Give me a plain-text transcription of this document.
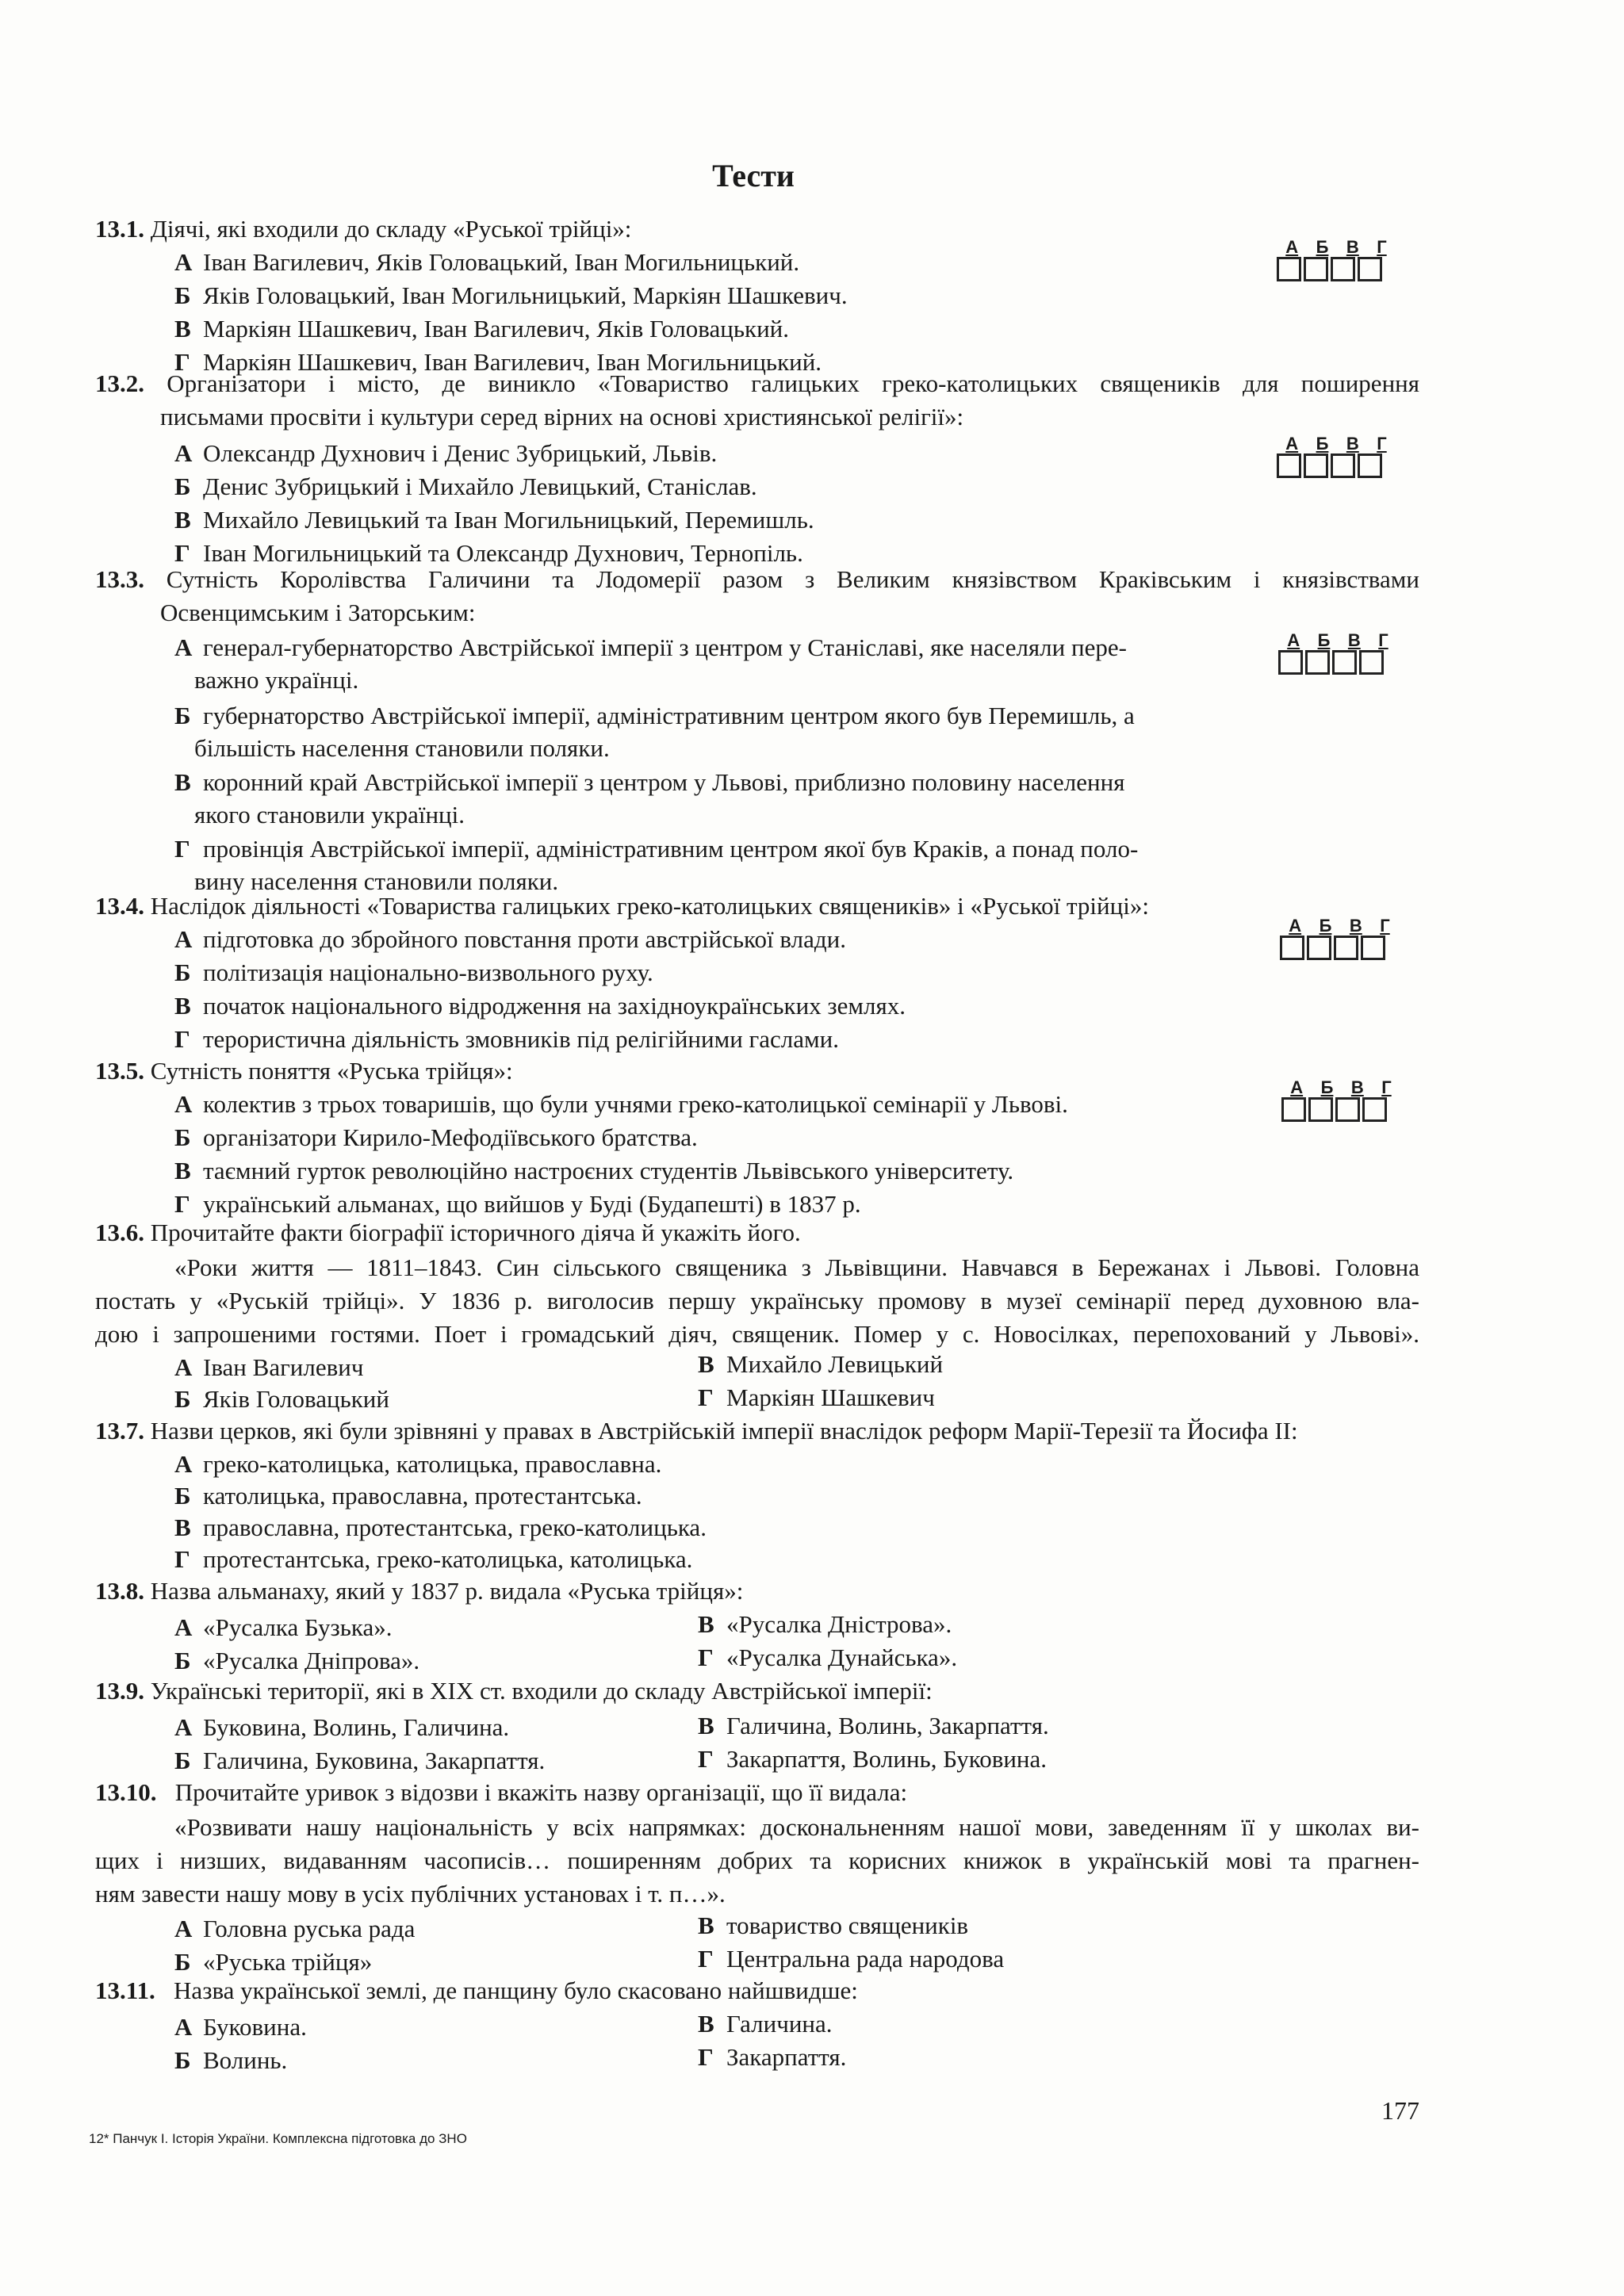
Тести
13.1. Діячі, які входили до складу «Руської трійці»:
А Іван Вагилевич, Яків Головацький, Іван Могильницький.
Б Яків Головацький, Іван Могильницький, Маркіян Шашкевич.
В Маркіян Шашкевич, Іван Вагилевич, Яків Головацький.
Г Маркіян Шашкевич, Іван Вагилевич, Іван Могильницький.
13.2. Організатори і місто, де виникло «Товариство галицьких греко-католицьких священиків для поширення
письмами просвіти і культури серед вірних на основі християнської релігії»:
А Олександр Духнович і Денис Зубрицький, Львів.
Б Денис Зубрицький і Михайло Левицький, Станіслав.
В Михайло Левицький та Іван Могильницький, Перемишль.
Г Іван Могильницький та Олександр Духнович, Тернопіль.
13.3. Сутність Королівства Галичини та Лодомерії разом з Великим князівством Краківським і князівствами
Освенцимським і Заторським:
А генерал-губернаторство Австрійської імперії з центром у Станіславі, яке населяли пере-
важно українці.
Б губернаторство Австрійської імперії, адміністративним центром якого був Перемишль, а
більшість населення становили поляки.
В коронний край Австрійської імперії з центром у Львові, приблизно половину населення
якого становили українці.
Г провінція Австрійської імперії, адміністративним центром якої був Краків, а понад поло-
вину населення становили поляки.
13.4. Наслідок діяльності «Товариства галицьких греко-католицьких священиків» і «Руської трійці»:
А підготовка до збройного повстання проти австрійської влади.
Б політизація національно-визвольного руху.
В початок національного відродження на західноукраїнських землях.
Г терористична діяльність змовників під релігійними гаслами.
13.5. Сутність поняття «Руська трійця»:
А колектив з трьох товаришів, що були учнями греко-католицької семінарії у Львові.
Б організатори Кирило-Мефодіївського братства.
В таємний гурток революційно настроєних студентів Львівського університету.
Г український альманах, що вийшов у Буді (Будапешті) в 1837 р.
13.6. Прочитайте факти біографії історичного діяча й укажіть його.
«Роки життя — 1811–1843. Син сільського священика з Львівщини. Навчався в Бережанах і Львові. Головна
постать у «Руській трійці». У 1836 р. виголосив першу українську промову в музеї семінарії перед духовною вла-
дою і запрошеними гостями. Поет і громадський діяч, священик. Помер у с. Новосілках, перепохований у Львові».
А Іван Вагилевич
Б Яків Головацький
В Михайло Левицький
Г Маркіян Шашкевич
13.7. Назви церков, які були зрівняні у правах в Австрійській імперії внаслідок реформ Марії-Терезії та Йосифа II:
А греко-католицька, католицька, православна.
Б католицька, православна, протестантська.
В православна, протестантська, греко-католицька.
Г протестантська, греко-католицька, католицька.
13.8. Назва альманаху, який у 1837 р. видала «Руська трійця»:
А «Русалка Бузька».
Б «Русалка Дніпрова».
В «Русалка Дністрова».
Г «Русалка Дунайська».
13.9. Українські території, які в XIX ст. входили до складу Австрійської імперії:
А Буковина, Волинь, Галичина.
Б Галичина, Буковина, Закарпаття.
В Галичина, Волинь, Закарпаття.
Г Закарпаття, Волинь, Буковина.
13.10. Прочитайте уривок з відозви і вкажіть назву організації, що її видала:
«Розвивати нашу національність у всіх напрямках: доскональненням нашої мови, заведенням її у школах ви-
щих і низших, видаванням часописів… поширенням добрих та корисних книжок в українській мові та прагнен-
ням завести нашу мову в усіх публічних установах і т. п…».
А Головна руська рада
Б «Руська трійця»
В товариство священиків
Г Центральна рада народова
13.11. Назва української землі, де панщину було скасовано найшвидше:
А Буковина.
Б Волинь.
В Галичина.
Г Закарпаття.
А Б В Г
А Б В Г
А Б В Г
А Б В Г
А Б В Г
177
12* Панчук І. Історія України. Комплексна підготовка до ЗНО
